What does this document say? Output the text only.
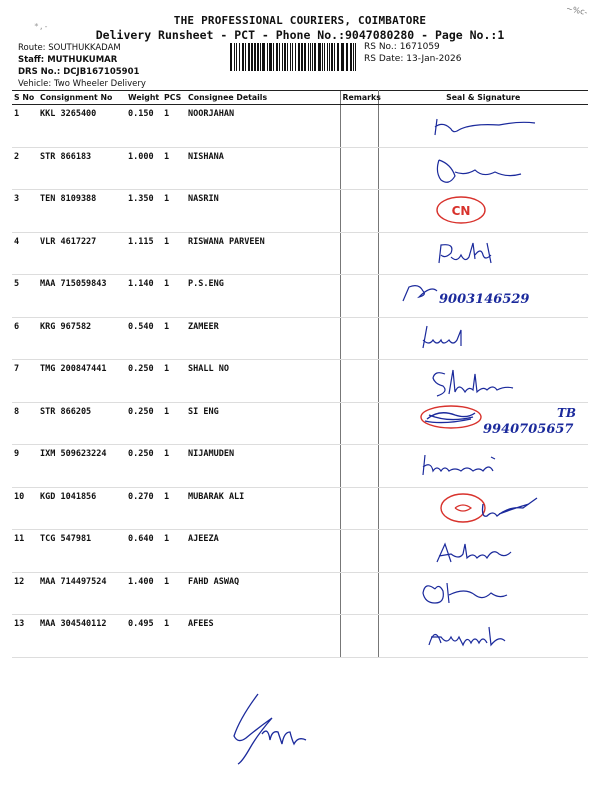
THE PROFESSIONAL COURIERS, COIMBATORE
Delivery Runsheet - PCT - Phone No.:9047080280 - Page No.:1
~%c-
*,-
Route: SOUTHUKKADAM
Staff: MUTHUKUMAR
DRS No.: DCJB167105901
Vehicle: Two Wheeler Delivery
RS No.: 1671059
RS Date: 13-Jan-2026
S No	Consignment No	Weight	PCS	Consignee Details	Remarks	Seal & Signature
1	KKL 3265400	0.150	1	NOORJAHAN		

2	STR 866183	1.000	1	NISHANA		

3	TEN 8109388	1.350	1	NASRIN		CN

4	VLR 4617227	1.115	1	RISWANA PARVEEN		

5	MAA 715059843	1.140	1	P.S.ENG		9003146529

6	KRG 967582	0.540	1	ZAMEER		

7	TMG 200847441	0.250	1	SHALL NO		

8	STR 866205	0.250	1	SI ENG		9940705657
TB

9	IXM 509623224	0.250	1	NIJAMUDEN		

10	KGD 1041856	0.270	1	MUBARAK ALI		

11	TCG 547981	0.640	1	AJEEZA		

12	MAA 714497524	1.400	1	FAHD ASWAQ		

13	MAA 304540112	0.495	1	AFEES		
